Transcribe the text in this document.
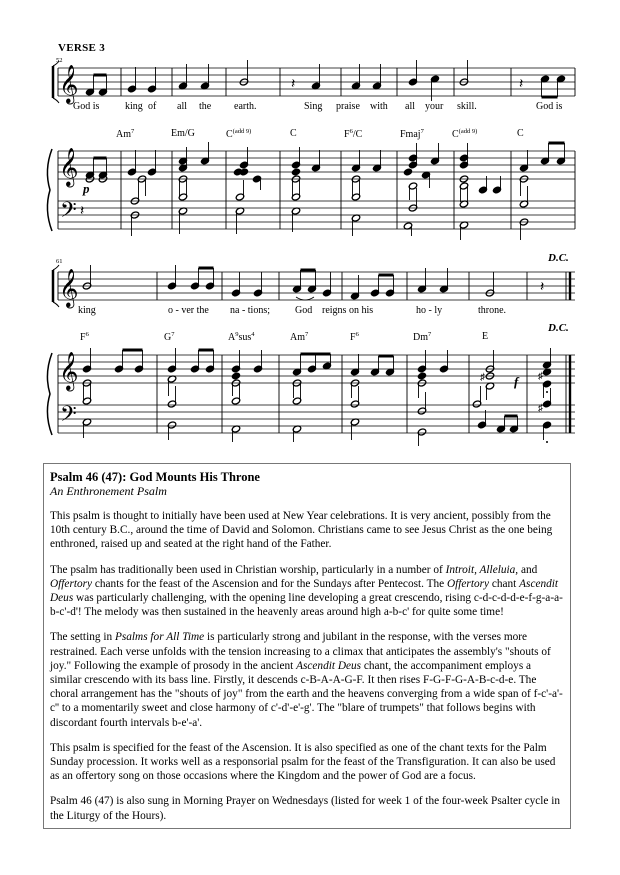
VERSE 3
52
61
𝄞
𝄞
𝄢
𝄞
𝄞
𝄢
𝄽	𝄽
𝄽
𝄽
♯	♯
♯
God is	king of all the earth.	Sing praise with all your skill.	God is
Am$^7$	Em/G	$C^{(add 9)}$	C	$F^6/C$	Fmaj$^7$	$C^{(add 9)}$	C
p
king	o - ver the na - tions;	God reigns on his	ho - ly	throne.
$F^6$	$G^7$	$A^9sus^4$	Am$^7$	$F^6$	Dm$^7$	E
D.C.
D.C.
f
Psalm 46 (47): God Mounts His Throne
An Enthronement Psalm

This psalm is thought to initially have been used at New Year celebrations. It is very ancient, possibly from the 10th century B.C., around the time of David and Solomon. Christians came to see Jesus Christ as the one being enthroned, raised up and seated at the right hand of the Father.

The psalm has traditionally been used in Christian worship, particularly in a number of Introit, Alleluia, and Offertory chants for the feast of the Ascension and for the Sundays after Pentecost. The Offertory chant Ascendit Deus was particularly challenging, with the opening line developing a great crescendo, rising c-d-c-d-d-e-f-g-a-a-b-c'-d'! The melody was then sustained in the heavenly areas around high a-b-c' for quite some time!

The setting in Psalms for All Time is particularly strong and jubilant in the response, with the verses more restrained. Each verse unfolds with the tension increasing to a climax that anticipates the assembly's "shouts of joy." Following the example of prosody in the ancient Ascendit Deus chant, the accompaniment employs a similar crescendo with its bass line. Firstly, it descends c-B-A-A-G-F. It then rises F-G-F-G-A-B-c-d-e. The choral arrangement has the "shouts of joy" from the earth and the heavens converging from a wide span of f-c'-a'-c'' to a momentarily sweet and close harmony of c'-d'-e'-g'. The "blare of trumpets" that follows begins with discordant fourth intervals b-e'-a'.

This psalm is specified for the feast of the Ascension. It is also specified as one of the chant texts for the Palm Sunday procession. It works well as a responsorial psalm for the feast of the Transfiguration. It can also be used as an offertory song on those occasions where the Kingdom and the power of God are a focus.

Psalm 46 (47) is also sung in Morning Prayer on Wednesdays (listed for week 1 of the four-week Psalter cycle in the Liturgy of the Hours).
